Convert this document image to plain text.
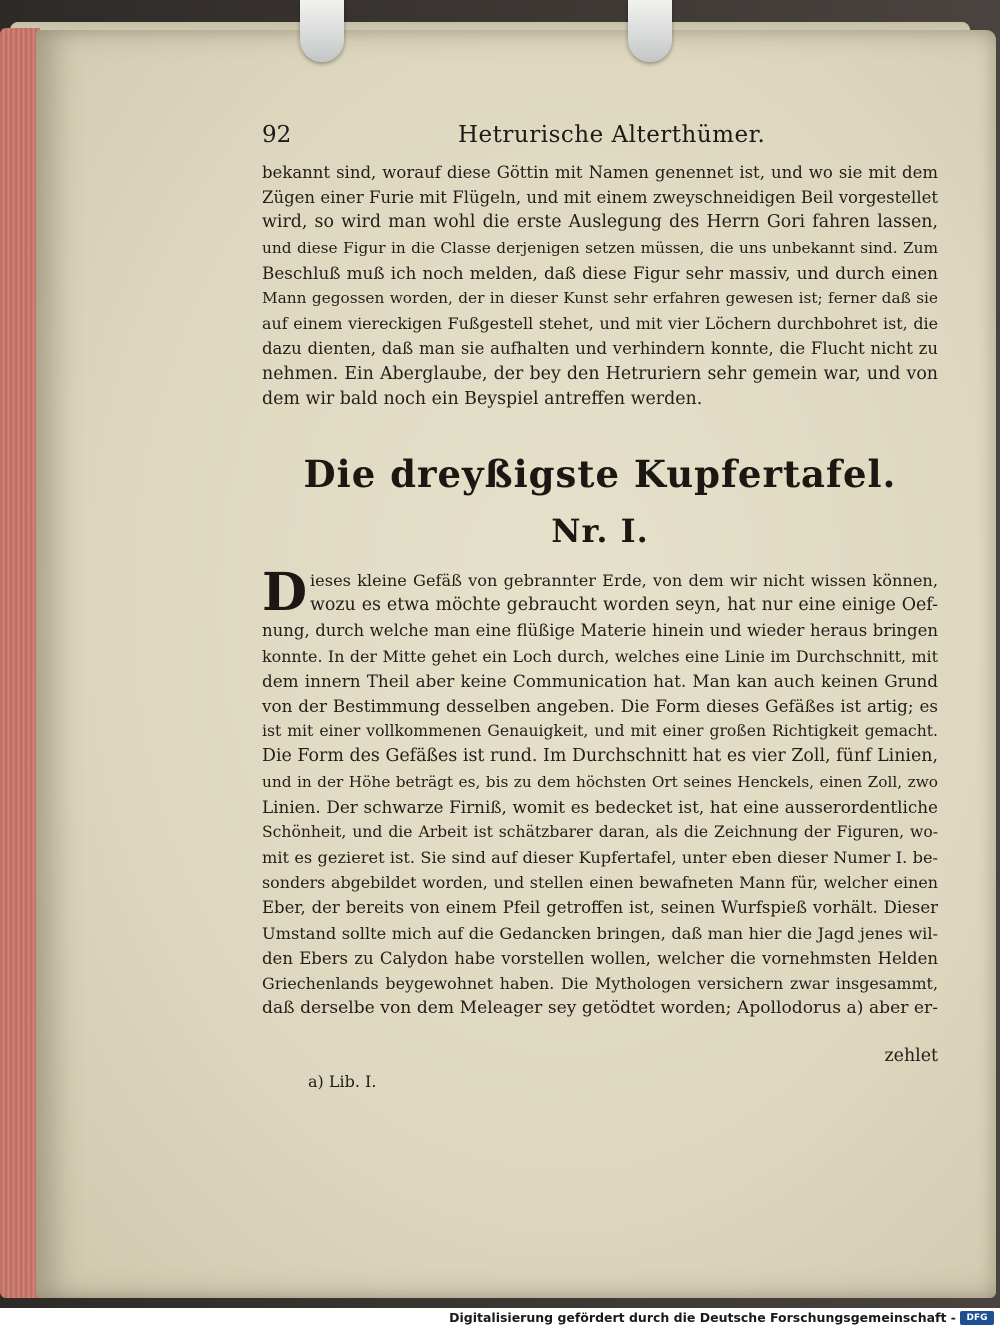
92	Hetrurische Alterthümer.
bekannt sind, worauf diese Göttin mit Namen genennet ist, und wo sie mit dem
Zügen einer Furie mit Flügeln, und mit einem zweyschneidigen Beil vorgestellet
wird, so wird man wohl die erste Auslegung des Herrn Gori fahren lassen,
und diese Figur in die Classe derjenigen setzen müssen, die uns unbekannt sind. Zum
Beschluß muß ich noch melden, daß diese Figur sehr massiv, und durch einen
Mann gegossen worden, der in dieser Kunst sehr erfahren gewesen ist; ferner daß sie
auf einem viereckigen Fußgestell stehet, und mit vier Löchern durchbohret ist, die
dazu dienten, daß man sie aufhalten und verhindern konnte, die Flucht nicht zu
nehmen. Ein Aberglaube, der bey den Hetruriern sehr gemein war, und von
dem wir bald noch ein Beyspiel antreffen werden.
Die dreyßigste Kupfertafel.
Nr. I.
D ieses kleine Gefäß von gebrannter Erde, von dem wir nicht wissen können,
wozu es etwa möchte gebraucht worden seyn, hat nur eine einige Oef-
nung, durch welche man eine flüßige Materie hinein und wieder heraus bringen
konnte. In der Mitte gehet ein Loch durch, welches eine Linie im Durchschnitt, mit
dem innern Theil aber keine Communication hat. Man kan auch keinen Grund
von der Bestimmung desselben angeben. Die Form dieses Gefäßes ist artig; es
ist mit einer vollkommenen Genauigkeit, und mit einer großen Richtigkeit gemacht.
Die Form des Gefäßes ist rund. Im Durchschnitt hat es vier Zoll, fünf Linien,
und in der Höhe beträgt es, bis zu dem höchsten Ort seines Henckels, einen Zoll, zwo
Linien. Der schwarze Firniß, womit es bedecket ist, hat eine ausserordentliche
Schönheit, und die Arbeit ist schätzbarer daran, als die Zeichnung der Figuren, wo-
mit es gezieret ist. Sie sind auf dieser Kupfertafel, unter eben dieser Numer I. be-
sonders abgebildet worden, und stellen einen bewafneten Mann für, welcher einen
Eber, der bereits von einem Pfeil getroffen ist, seinen Wurfspieß vorhält. Dieser
Umstand sollte mich auf die Gedancken bringen, daß man hier die Jagd jenes wil-
den Ebers zu Calydon habe vorstellen wollen, welcher die vornehmsten Helden
Griechenlands beygewohnet haben. Die Mythologen versichern zwar insgesammt,
daß derselbe von dem Meleager sey getödtet worden; Apollodorus a) aber er-
zehlet
a) Lib. I.
Digitalisierung gefördert durch die Deutsche Forschungsgemeinschaft -	DFG
